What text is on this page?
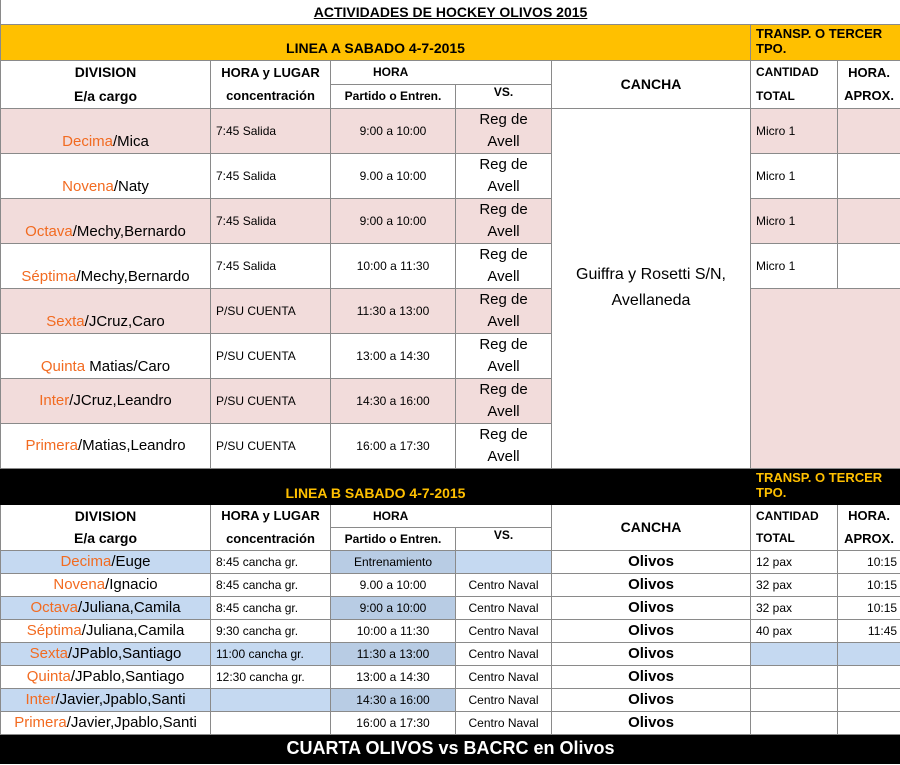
ACTIVIDADES DE HOCKEY OLIVOS 2015						
LINEA A SABADO 4-7-2015					TRANSP. O TERCER TPO.	
DIVISION	HORA y LUGAR	HORA		CANCHA	CANTIDAD	HORA.
E/a cargo	concentración	Partido o Entren.	VS.		TOTAL	APROX.
Decima/Mica	7:45 Salida	9:00 a 10:00	Reg de
Avell	Guiffra y Rosetti S/N, Avellaneda	Micro 1	
Novena/Naty	7:45 Salida	9.00 a 10:00	Reg de
Avell		Micro 1	
Octava/Mechy,Bernardo	7:45 Salida	9:00 a 10:00	Reg de
Avell		Micro 1	
Séptima/Mechy,Bernardo	7:45 Salida	10:00 a 11:30	Reg de
Avell		Micro 1	
Sexta/JCruz,Caro	P/SU CUENTA	11:30 a 13:00	Reg de
Avell			
Quinta Matias/Caro	P/SU CUENTA	13:00 a 14:30	Reg de
Avell			
Inter/JCruz,Leandro	P/SU CUENTA	14:30 a 16:00	Reg de
Avell			
Primera/Matias,Leandro	P/SU CUENTA	16:00 a 17:30	Reg de
Avell			
LINEA B SABADO 4-7-2015					TRANSP. O TERCER TPO.	
DIVISION	HORA y LUGAR	HORA		CANCHA	CANTIDAD	HORA.
E/a cargo	concentración	Partido o Entren.	VS.		TOTAL	APROX.
Decima/Euge	8:45 cancha gr.	Entrenamiento		Olivos	12 pax	10:15
Novena/Ignacio	8:45 cancha gr.	9.00 a 10:00	Centro Naval	Olivos	32 pax	10:15
Octava/Juliana,Camila	8:45 cancha gr.	9:00 a 10:00	Centro Naval	Olivos	32 pax	10:15
Séptima/Juliana,Camila	9:30 cancha gr.	10:00 a 11:30	Centro Naval	Olivos	40 pax	11:45
Sexta/JPablo,Santiago	11:00 cancha gr.	11:30 a 13:00	Centro Naval	Olivos		
Quinta/JPablo,Santiago	12:30 cancha gr.	13:00 a 14:30	Centro Naval	Olivos		
Inter/Javier,Jpablo,Santi		14:30 a 16:00	Centro Naval	Olivos		
Primera/Javier,Jpablo,Santi		16:00 a 17:30	Centro Naval	Olivos		
CUARTA OLIVOS vs BACRC en Olivos						
